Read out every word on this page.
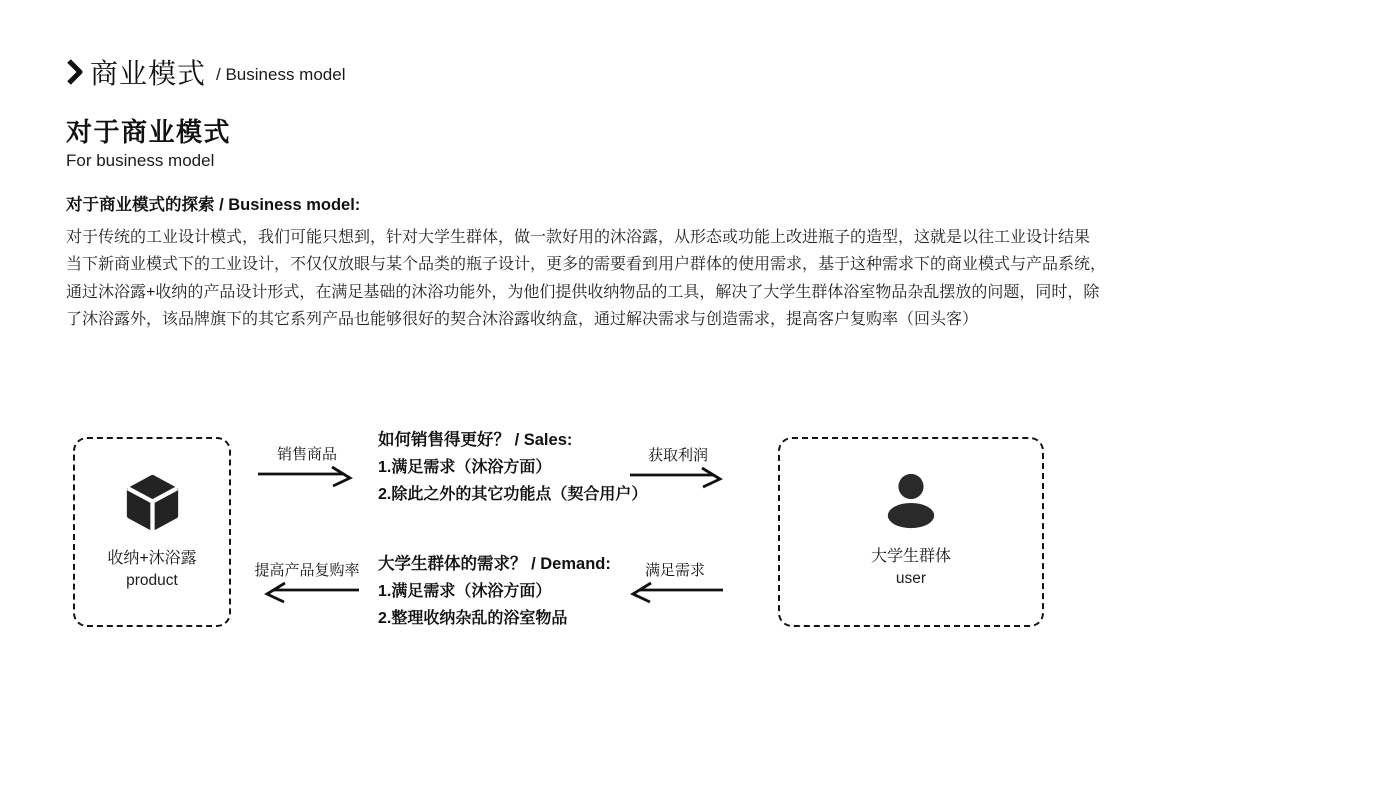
商业模式 / Business model
对于商业模式
For business model
对于商业模式的探索 / Business model:
对于传统的工业设计模式，我们可能只想到，针对大学生群体，做一款好用的沐浴露，从形态或功能上改进瓶子的造型，这就是以往工业设计结果
当下新商业模式下的工业设计，不仅仅放眼与某个品类的瓶子设计，更多的需要看到用户群体的使用需求，基于这种需求下的商业模式与产品系统，
通过沐浴露+收纳的产品设计形式，在满足基础的沐浴功能外，为他们提供收纳物品的工具，解决了大学生群体浴室物品杂乱摆放的问题，同时，除
了沐浴露外，该品牌旗下的其它系列产品也能够很好的契合沐浴露收纳盒，通过解决需求与创造需求，提高客户复购率（回头客）
收纳+沐浴露
product
大学生群体
user
销售商品	获取利润
提高产品复购率	满足需求
如何销售得更好？ / Sales:
1.满足需求（沐浴方面）
2.除此之外的其它功能点（契合用户）
大学生群体的需求？ / Demand:
1.满足需求（沐浴方面）
2.整理收纳杂乱的浴室物品
